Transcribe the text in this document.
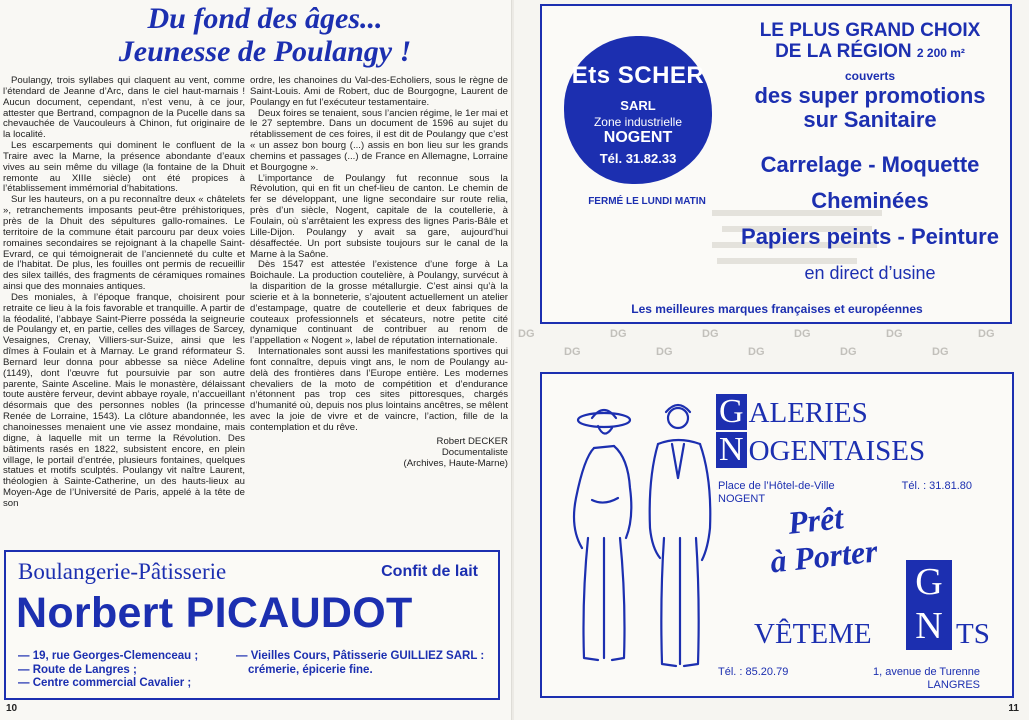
Du fond des âges...
Jeunesse de Poulangy !

Poulangy, trois syllabes qui claquent au vent, comme l’étendard de Jeanne d’Arc, dans le ciel haut-marnais ! Aucun document, cependant, n’est venu, à ce jour, attester que Bertrand, compagnon de la Pucelle dans sa chevauchée de Vaucouleurs à Chinon, fut originaire de la localité.

Les escarpements qui dominent le confluent de la Traire avec la Marne, la présence abondante d’eaux vives au sein même du village (la fontaine de la Dhuit remonte au XIIIe siècle) ont été propices à l’établissement immémorial d’habitations.

Sur les hauteurs, on a pu reconnaître deux « châtelets », retranchements imposants peut-être préhistoriques, près de la Dhuit des sépultures gallo-romaines. Le territoire de la commune était parcouru par deux voies romaines secondaires se rejoignant à la chapelle Saint-Evrard, ce qui témoignerait de l’ancienneté du culte et de l’habitat. De plus, les fouilles ont permis de recueillir des silex taillés, des fragments de céramiques romaines ainsi que des monnaies antiques.

Des moniales, à l’époque franque, choisirent pour retraite ce lieu à la fois favorable et tranquille. A partir de la féodalité, l’abbaye Saint-Pierre posséda la seigneurie de Poulangy et, en partie, celles des villages de Sarcey, Vesaignes, Crenay, Villiers-sur-Suize, ainsi que les dîmes à Foulain et à Marnay. Le grand réformateur S. Bernard leur donna pour abbesse sa nièce Adeline (1149), dont l’œuvre fut poursuivie par son autre parente, Sainte Asceline. Mais le monastère, délaissant toute austère ferveur, devint abbaye royale, n’accueillant désormais que des personnes nobles (la princesse Renée de Lorraine, 1543). La clôture abandonnée, les chanoinesses menaient une vie assez mondaine, mais digne, à laquelle mit un terme la Révolution. Des bâtiments rasés en 1822, subsistent encore, en plein village, le portail d’entrée, plusieurs fontaines, quelques statues et motifs sculptés. Poulangy vit naître Laurent, théologien à Sainte-Catherine, un des hauts-lieux au Moyen-Age de l’Université de Paris, appelé à la tête de son

ordre, les chanoines du Val-des-Echoliers, sous le règne de Saint-Louis. Ami de Robert, duc de Bourgogne, Laurent de Poulangy en fut l’exécuteur testamentaire.

Deux foires se tenaient, sous l’ancien régime, le 1er mai et le 27 septembre. Dans un document de 1596 au sujet du rétablissement de ces foires, il est dit de Poulangy que c’est « un assez bon bourg (...) assis en bon lieu sur les grands chemins et passages (...) de France en Allemagne, Lorraine et Bourgogne ».

L’importance de Poulangy fut reconnue sous la Révolution, qui en fit un chef-lieu de canton. Le chemin de fer se développant, une ligne secondaire sur route relia, près d’un siècle, Nogent, capitale de la coutellerie, à Foulain, où s’arrêtaient les express des lignes Paris-Bâle et Lille-Dijon. Poulangy y avait sa gare, aujourd’hui désaffectée. Un port subsiste toujours sur le canal de la Marne à la Saône.

Dès 1547 est attestée l’existence d’une forge à La Boichaule. La production coutelière, à Poulangy, survécut à la disparition de la grosse métallurgie. C’est ainsi qu’à la scierie et à la bonneterie, s’ajoutent actuellement un atelier d’estampage, quatre de coutellerie et deux fabriques de couteaux professionnels et sécateurs, notre petite cité dynamique continuant de contribuer au renom de l’appellation « Nogent », label de réputation internationale.

Internationales sont aussi les manifestations sportives qui font connaître, depuis vingt ans, le nom de Poulangy au-delà des frontières dans l’Europe entière. Les modernes chevaliers de la moto de compétition et d’endurance n’étonnent pas trop ces sites pittoresques, chargés d’humanité où, depuis nos plus lointains ancêtres, se mêlent avec la joie de vivre et de vaincre, l’action, fille de la contemplation et du rêve.

Robert DECKER
Documentaliste
(Archives, Haute-Marne)
Boulangerie-Pâtisserie	Confit de lait
Norbert PICAUDOT
— 19, rue Georges-Clemenceau ;
— Route de Langres ;
— Centre commercial Cavalier ;
— Vieilles Cours, Pâtisserie GUILLIEZ SARL :
crémerie, épicerie fine.
10
Ets SCHER
SARL
Zone industrielle
NOGENT
Tél. 31.82.33
FERMÉ LE LUNDI MATIN
LE PLUS GRAND CHOIX
DE LA RÉGION 2 200 m² couverts
des super promotions
sur Sanitaire
Carrelage - Moquette
Cheminées
Papiers peints - Peinture
en direct d’usine
Les meilleures marques françaises et européennes
DG
DG
DG
DG
DG
DG
DG
DG
DG
DG
DG
G ALERIES
N OGENTAISES
Place de l’Hôtel-de-Ville
NOGENT
Tél. : 31.81.80
Prêt
à Porter
G
N
VÊTEME	TS
Tél. : 85.20.79	1, avenue de Turenne
LANGRES
11
